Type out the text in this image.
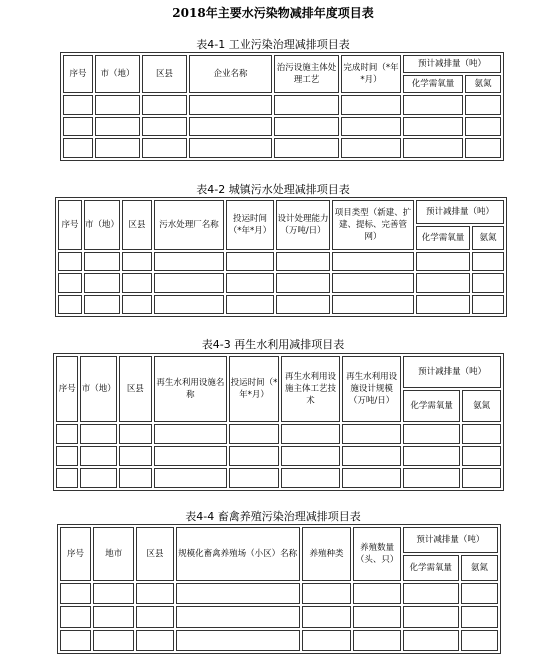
2018年主要水污染物减排年度项目表
表4-1 工业污染治理减排项目表
序号	市（地）	区县	企业名称	治污设施主体处理工艺	完成时间（*年*月）	预计减排量（吨）	
						化学需氧量	氨氮

表4-2 城镇污水处理减排项目表
序号	市（地）	区县	污水处理厂名称	投运时间（*年*月）	设计处理能力（万吨/日）	项目类型（新建、扩建、提标、完善管网）	预计减排量（吨）	
							化学需氧量	氨氮

表4-3 再生水利用减排项目表
序号	市（地）	区县	再生水利用设施名称	投运时间（*年*月）	再生水利用设施主体工艺技术	再生水利用设施设计规模（万吨/日）	预计减排量（吨）	
							化学需氧量	氨氮

表4-4 畜禽养殖污染治理减排项目表
序号	地市	区县	规模化畜禽养殖场（小区）名称	养殖种类	养殖数量（头、只）	预计减排量（吨）	
						化学需氧量	氨氮
